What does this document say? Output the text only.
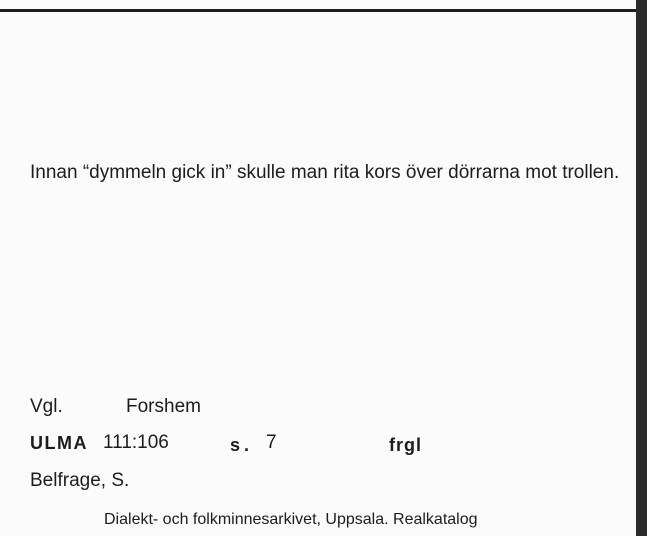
Innan “dymmeln gick in” skulle man rita kors över dörrarna mot trollen.
Vgl.	Forshem
ULMA 111:106	s. 7	frgl
Belfrage, S.
Dialekt- och folkminnesarkivet, Uppsala. Realkatalog
